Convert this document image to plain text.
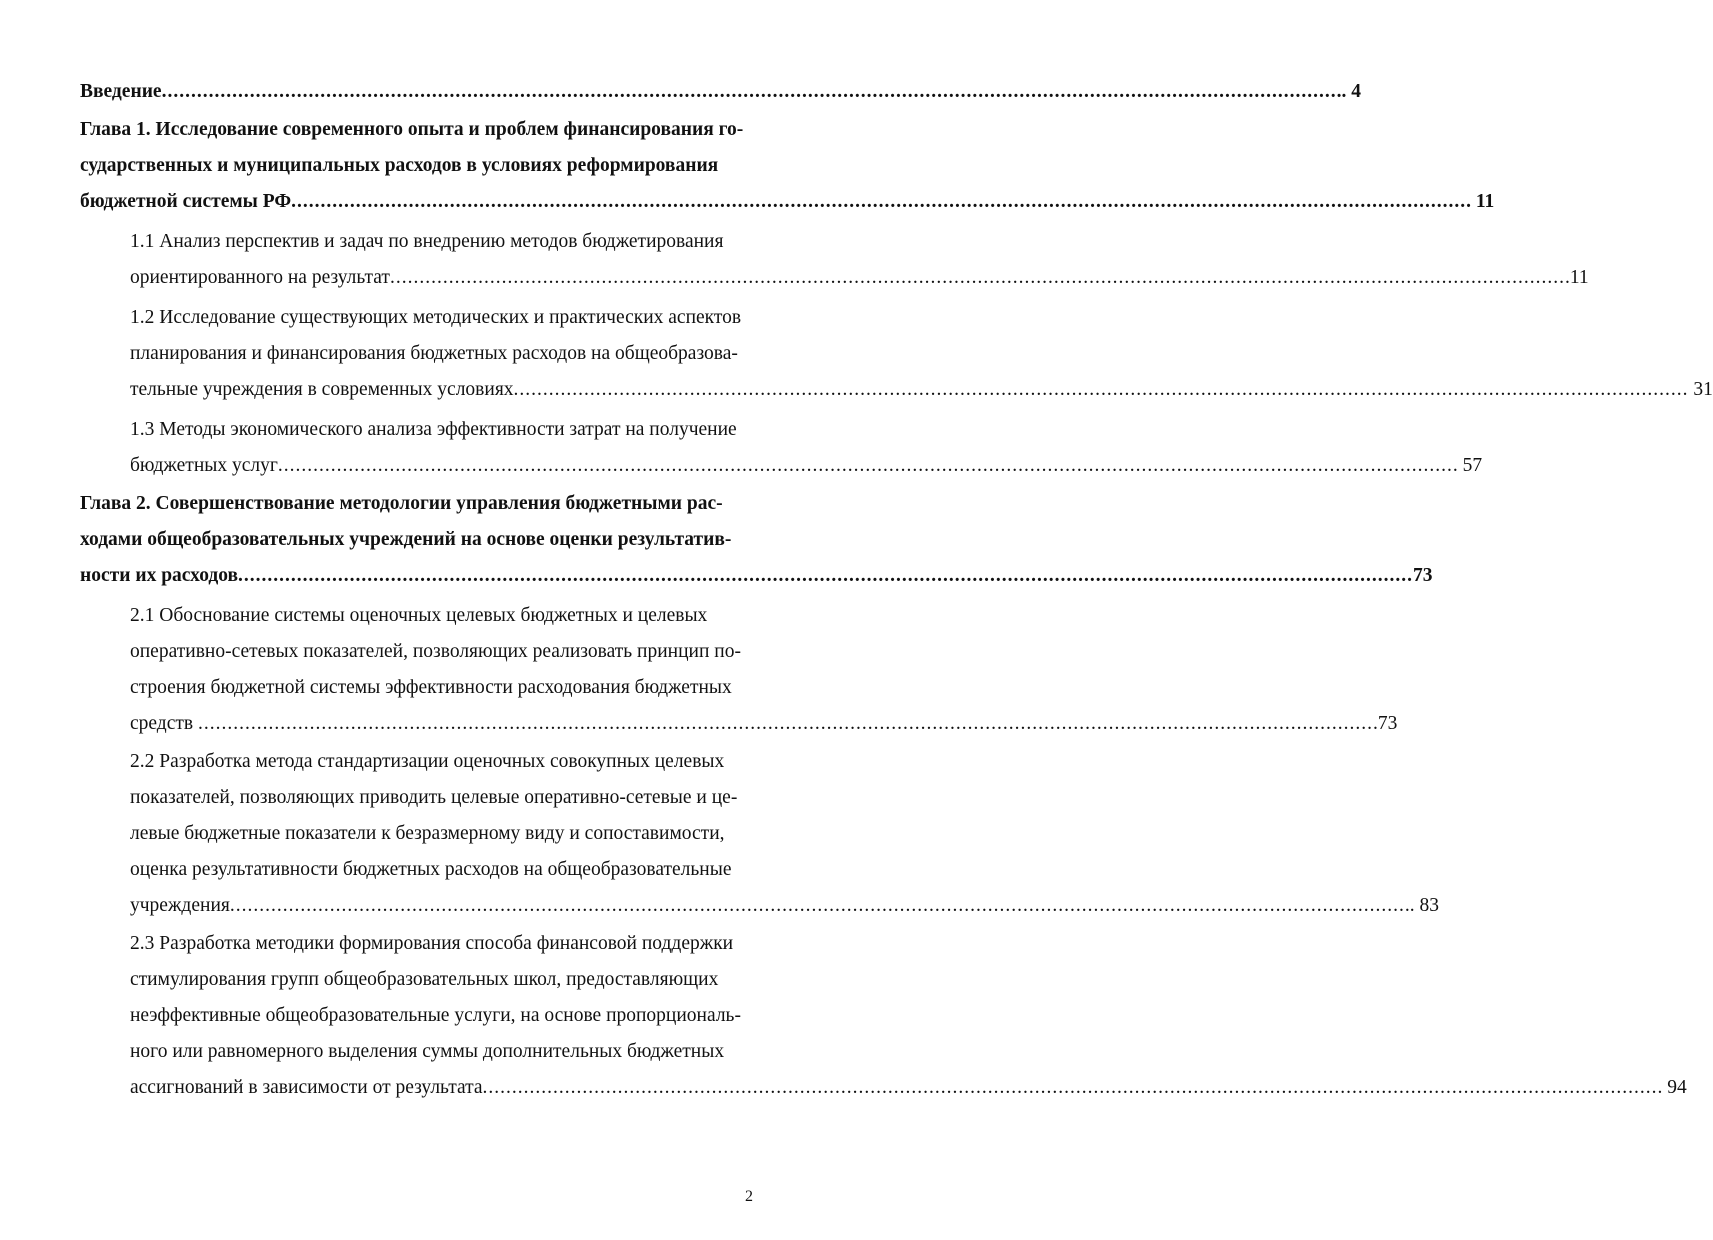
Введение ........................................................................................................................................................................................................ .. 4
Глава 1. Исследование современного опыта и проблем финансирования го-
сударственных и муниципальных расходов в условиях реформирования
бюджетной системы РФ ........................................................................................................................................................................................................ . 11
1.1 Анализ перспектив и задач по внедрению методов бюджетирования
ориентированного на результат ........................................................................................................................................................................................................ .11
1.2 Исследование существующих методических и практических аспектов
планирования и финансирования бюджетных расходов на общеобразова-
тельные учреждения в современных условиях ........................................................................................................................................................................................................ 31
1.3 Методы экономического анализа эффективности затрат на получение
бюджетных услуг ........................................................................................................................................................................................................ . 57
Глава 2. Совершенствование методологии управления бюджетными рас-
ходами общеобразовательных учреждений на основе оценки результатив-
ности их расходов ........................................................................................................................................................................................................ 73
2.1 Обоснование системы оценочных целевых бюджетных и целевых
оперативно-сетевых показателей, позволяющих реализовать принцип по-
строения бюджетной системы эффективности расходования бюджетных
средств ........................................................................................................................................................................................................ .73
2.2 Разработка метода стандартизации оценочных совокупных целевых
показателей, позволяющих приводить целевые оперативно-сетевые и це-
левые бюджетные показатели к безразмерному виду и сопоставимости,
оценка результативности бюджетных расходов на общеобразовательные
учреждения ........................................................................................................................................................................................................ .. 83
2.3 Разработка методики формирования способа финансовой поддержки
стимулирования групп общеобразовательных школ, предоставляющих
неэффективные общеобразовательные услуги, на основе пропорциональ-
ного или равномерного выделения суммы дополнительных бюджетных
ассигнований в зависимости от результата ........................................................................................................................................................................................................ . 94
2
